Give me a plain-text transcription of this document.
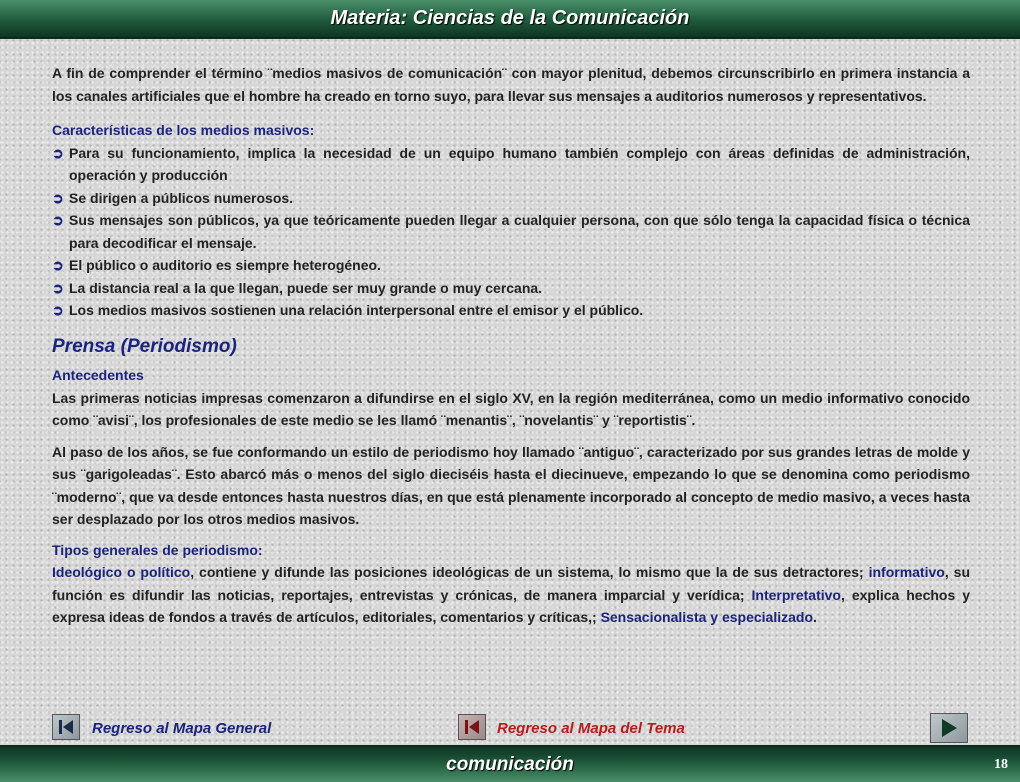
Materia: Ciencias de la Comunicación

A fin de comprender el término ¨medios masivos de comunicación¨ con mayor plenitud, debemos circunscribirlo en primera instancia a los canales artificiales que el hombre ha creado en torno suyo, para llevar sus mensajes a auditorios numerosos y representativos.

Características de los medios masivos:
➲ Para su funcionamiento, implica la necesidad de un equipo humano también complejo con áreas definidas de administración, operación y producción
➲ Se dirigen a públicos numerosos.
➲ Sus mensajes son públicos, ya que teóricamente pueden llegar a cualquier persona, con que sólo tenga la capacidad física o técnica para decodificar el mensaje.
➲ El público o auditorio es siempre heterogéneo.
➲ La distancia real a la que llegan, puede ser muy grande o muy cercana.
➲ Los medios masivos sostienen una relación interpersonal entre el emisor y el público.

Prensa (Periodismo)

Antecedentes

Las primeras noticias impresas comenzaron a difundirse en el siglo XV, en la región mediterránea, como un medio informativo conocido como ¨avisi¨, los profesionales de este medio se les llamó ¨menantis¨, ¨novelantis¨ y ¨reportistis¨.

Al paso de los años, se fue conformando un estilo de periodismo hoy llamado ¨antiguo¨, caracterizado por sus grandes letras de molde y sus ¨garigoleadas¨. Esto abarcó más o menos del siglo dieciséis hasta el diecinueve, empezando lo que se denomina como periodismo ¨moderno¨, que va desde entonces hasta nuestros días, en que está plenamente incorporado al concepto de medio masivo, a veces hasta ser desplazado por los otros medios masivos.

Tipos generales de periodismo:

Ideológico o político, contiene y difunde las posiciones ideológicas de un sistema, lo mismo que la de sus detractores; informativo, su función es difundir las noticias, reportajes, entrevistas y crónicas, de manera imparcial y verídica; Interpretativo, explica hechos y expresa ideas de fondos a través de artículos, editoriales, comentarios y críticas,; Sensacionalista y especializado.

Regreso al Mapa General	Regreso al Mapa del Tema
comunicación	18
